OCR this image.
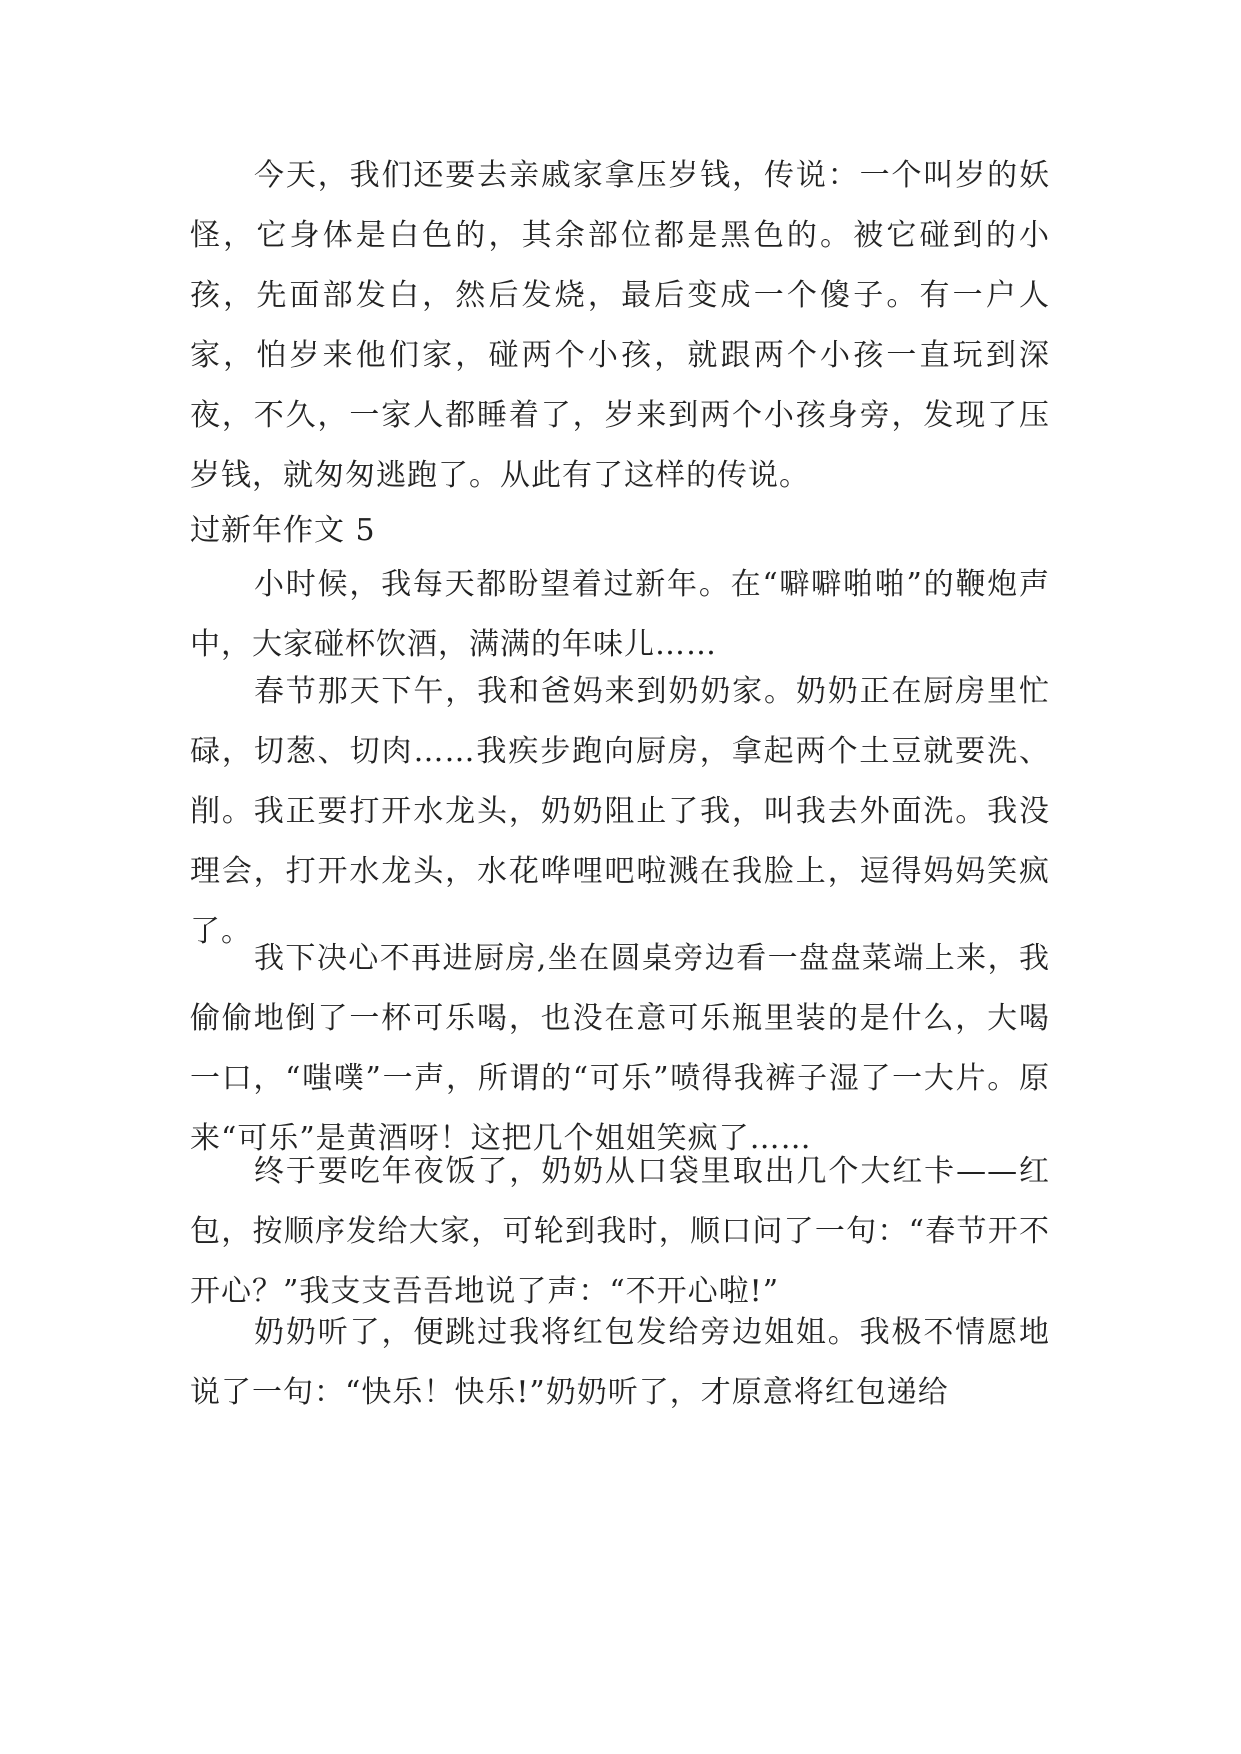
今天，我们还要去亲戚家拿压岁钱，传说：一个叫岁的妖怪，它身体是白色的，其余部位都是黑色的。被它碰到的小孩，先面部发白，然后发烧，最后变成一个傻子。有一户人家，怕岁来他们家，碰两个小孩，就跟两个小孩一直玩到深夜，不久，一家人都睡着了，岁来到两个小孩身旁，发现了压岁钱，就匆匆逃跑了。从此有了这样的传说。

过新年作文 5

小时候，我每天都盼望着过新年。在“噼噼啪啪”的鞭炮声中，大家碰杯饮酒，满满的年味儿……

春节那天下午，我和爸妈来到奶奶家。奶奶正在厨房里忙碌，切葱、切肉……我疾步跑向厨房，拿起两个土豆就要洗、削。我正要打开水龙头，奶奶阻止了我，叫我去外面洗。我没理会，打开水龙头，水花哗哩吧啦溅在我脸上，逗得妈妈笑疯了。

我下决心不再进厨房,坐在圆桌旁边看一盘盘菜端上来，我偷偷地倒了一杯可乐喝，也没在意可乐瓶里装的是什么，大喝一口，“嗤噗”一声，所谓的“可乐”喷得我裤子湿了一大片。原来“可乐”是黄酒呀！这把几个姐姐笑疯了……

终于要吃年夜饭了，奶奶从口袋里取出几个大红卡——红包，按顺序发给大家，可轮到我时，顺口问了一句：“春节开不开心？”我支支吾吾地说了声：“不开心啦!”

奶奶听了，便跳过我将红包发给旁边姐姐。我极不情愿地说了一句：“快乐！快乐!”奶奶听了，才原意将红包递给
